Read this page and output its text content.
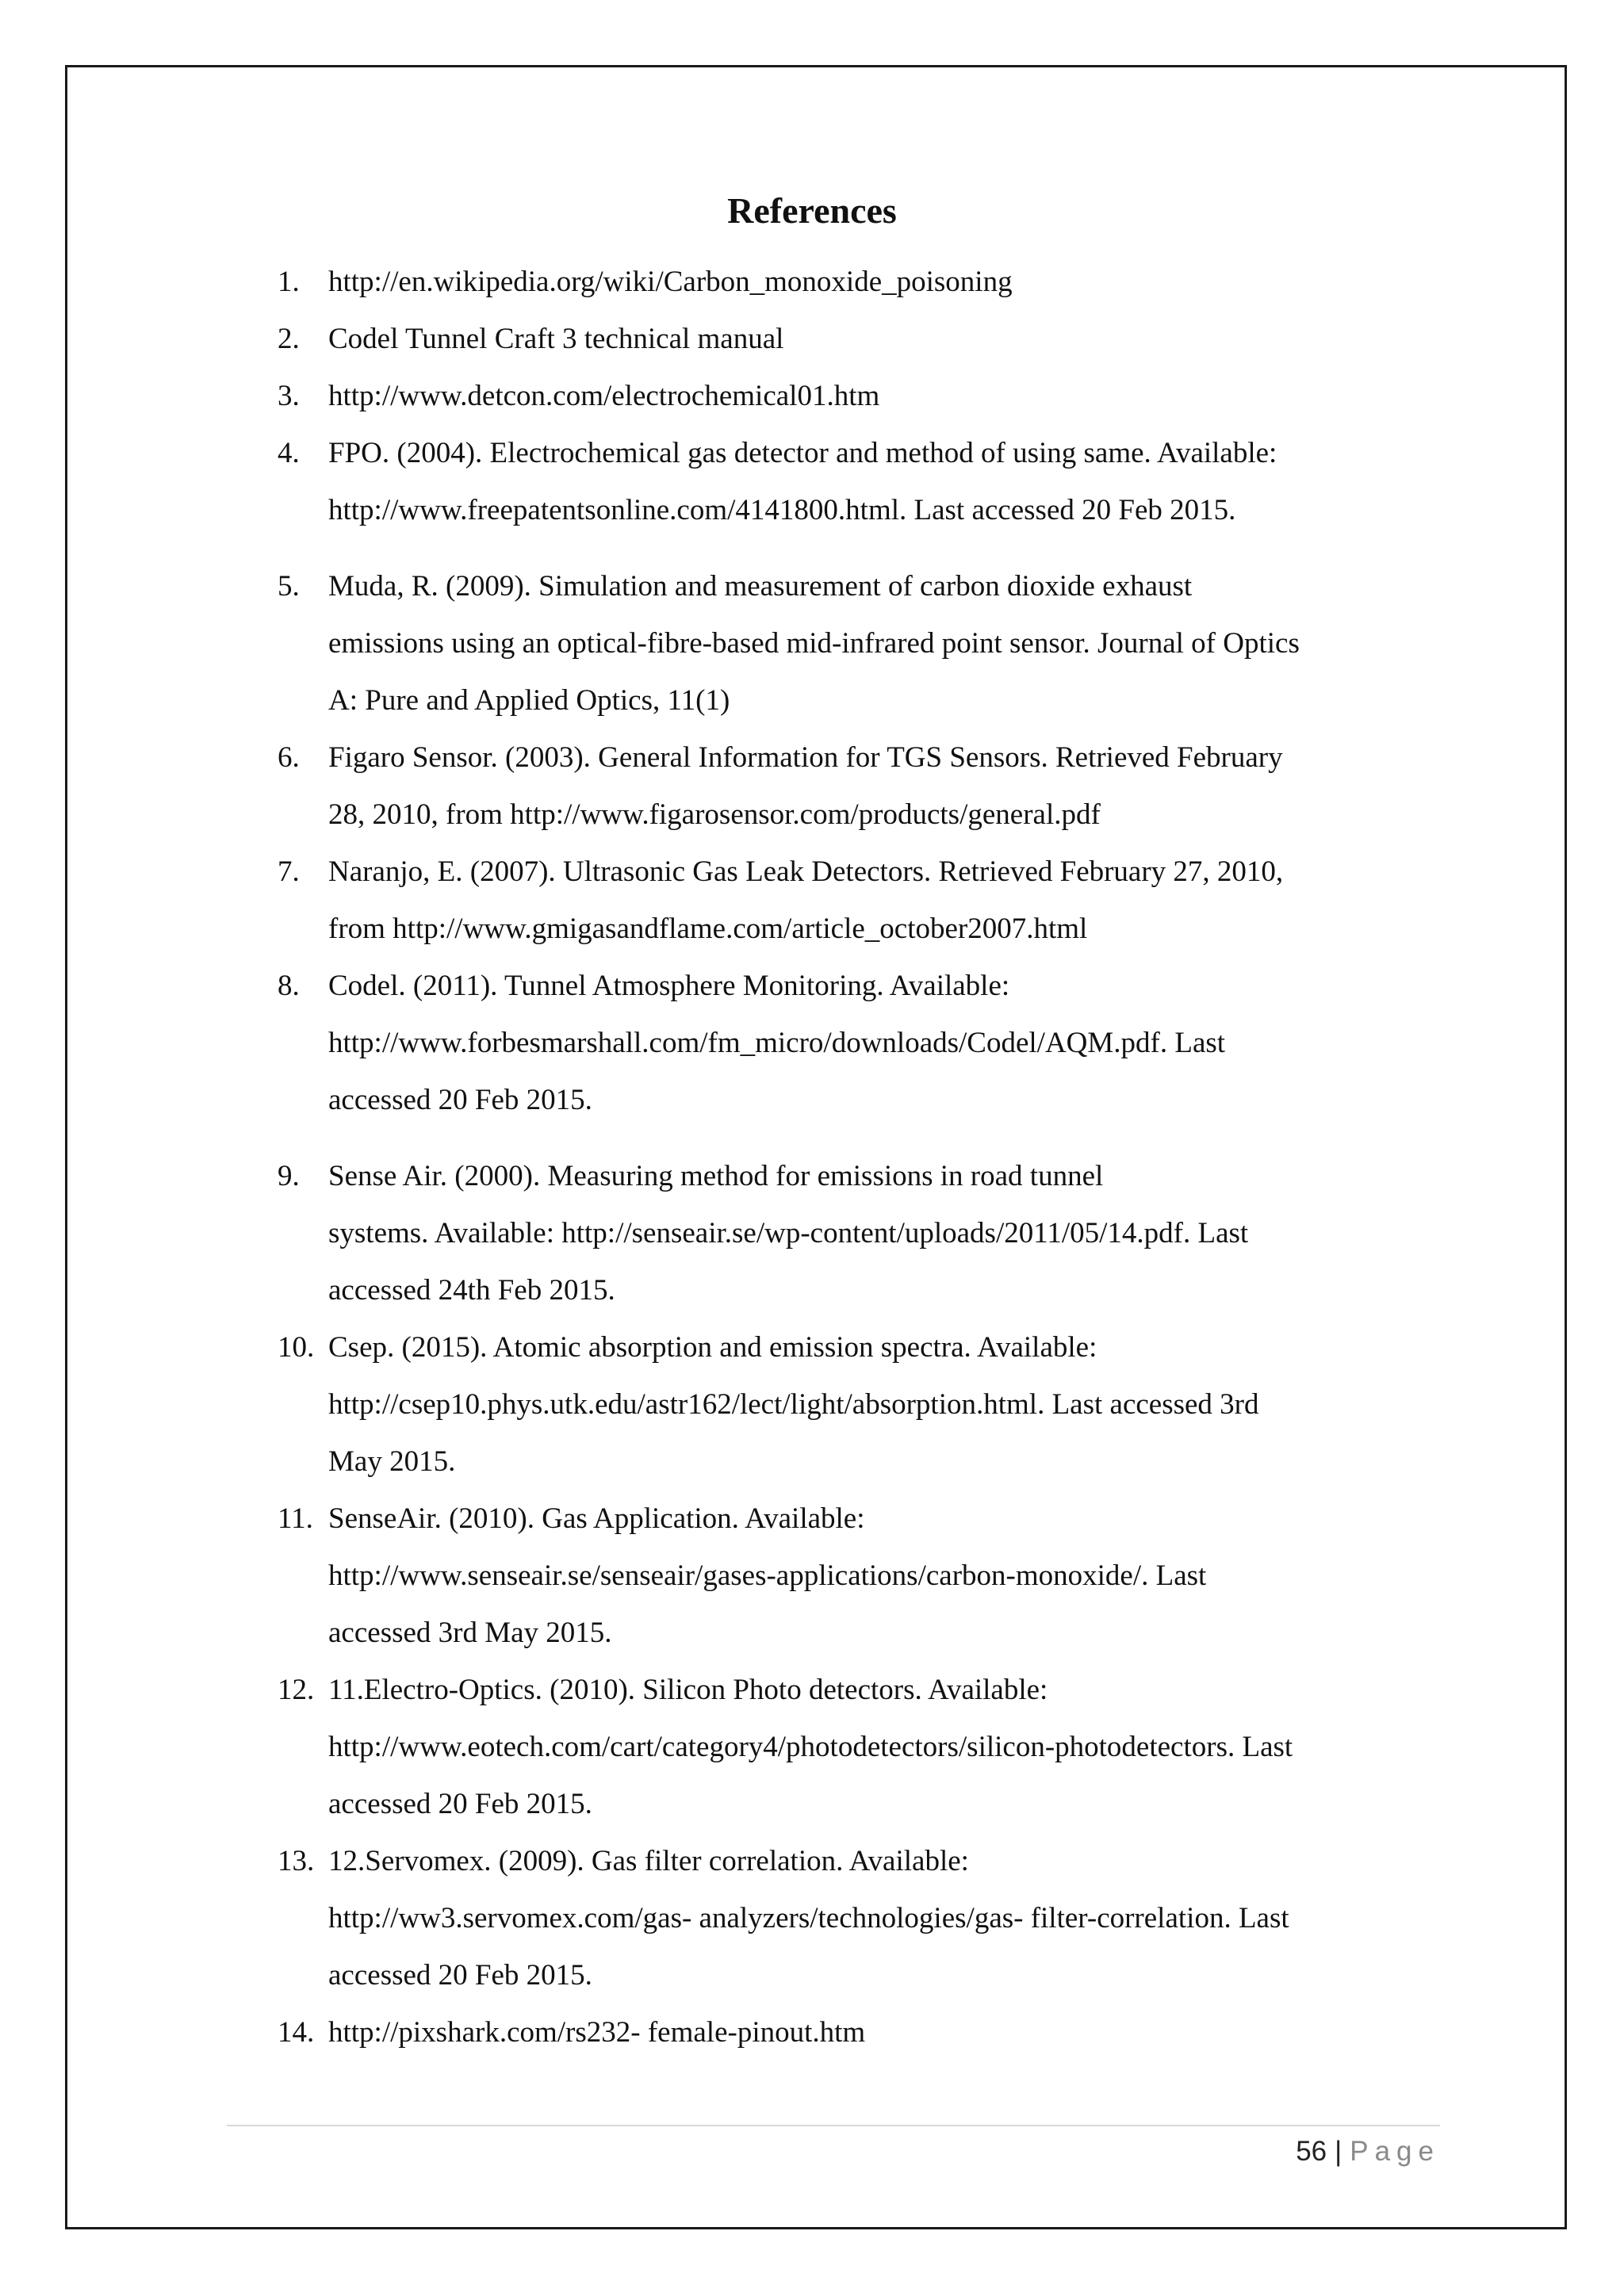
References
1. http://en.wikipedia.org/wiki/Carbon_monoxide_poisoning
2. Codel Tunnel Craft 3 technical manual
3. http://www.detcon.com/electrochemical01.htm
4. FPO. (2004). Electrochemical gas detector and method of using same. Available:
http://www.freepatentsonline.com/4141800.html. Last accessed 20 Feb 2015.
5. Muda, R. (2009). Simulation and measurement of carbon dioxide exhaust
emissions using an optical-fibre-based mid-infrared point sensor. Journal of Optics
A: Pure and Applied Optics, 11(1)
6. Figaro Sensor. (2003). General Information for TGS Sensors. Retrieved February
28, 2010, from http://www.figarosensor.com/products/general.pdf
7. Naranjo, E. (2007). Ultrasonic Gas Leak Detectors. Retrieved February 27, 2010,
from http://www.gmigasandflame.com/article_october2007.html
8. Codel. (2011). Tunnel Atmosphere Monitoring. Available:
http://www.forbesmarshall.com/fm_micro/downloads/Codel/AQM.pdf. Last
accessed 20 Feb 2015.
9. Sense Air. (2000). Measuring method for emissions in road tunnel
systems. Available: http://senseair.se/wp-content/uploads/2011/05/14.pdf. Last
accessed 24th Feb 2015.
10. Csep. (2015). Atomic absorption and emission spectra. Available:
http://csep10.phys.utk.edu/astr162/lect/light/absorption.html. Last accessed 3rd
May 2015.
11. SenseAir. (2010). Gas Application. Available:
http://www.senseair.se/senseair/gases-applications/carbon-monoxide/. Last
accessed 3rd May 2015.
12. 11.Electro-Optics. (2010). Silicon Photo detectors. Available:
http://www.eotech.com/cart/category4/photodetectors/silicon-photodetectors. Last
accessed 20 Feb 2015.
13. 12.Servomex. (2009). Gas filter correlation. Available:
http://ww3.servomex.com/gas- analyzers/technologies/gas- filter-correlation. Last
accessed 20 Feb 2015.
14. http://pixshark.com/rs232- female-pinout.htm
56 | Page
